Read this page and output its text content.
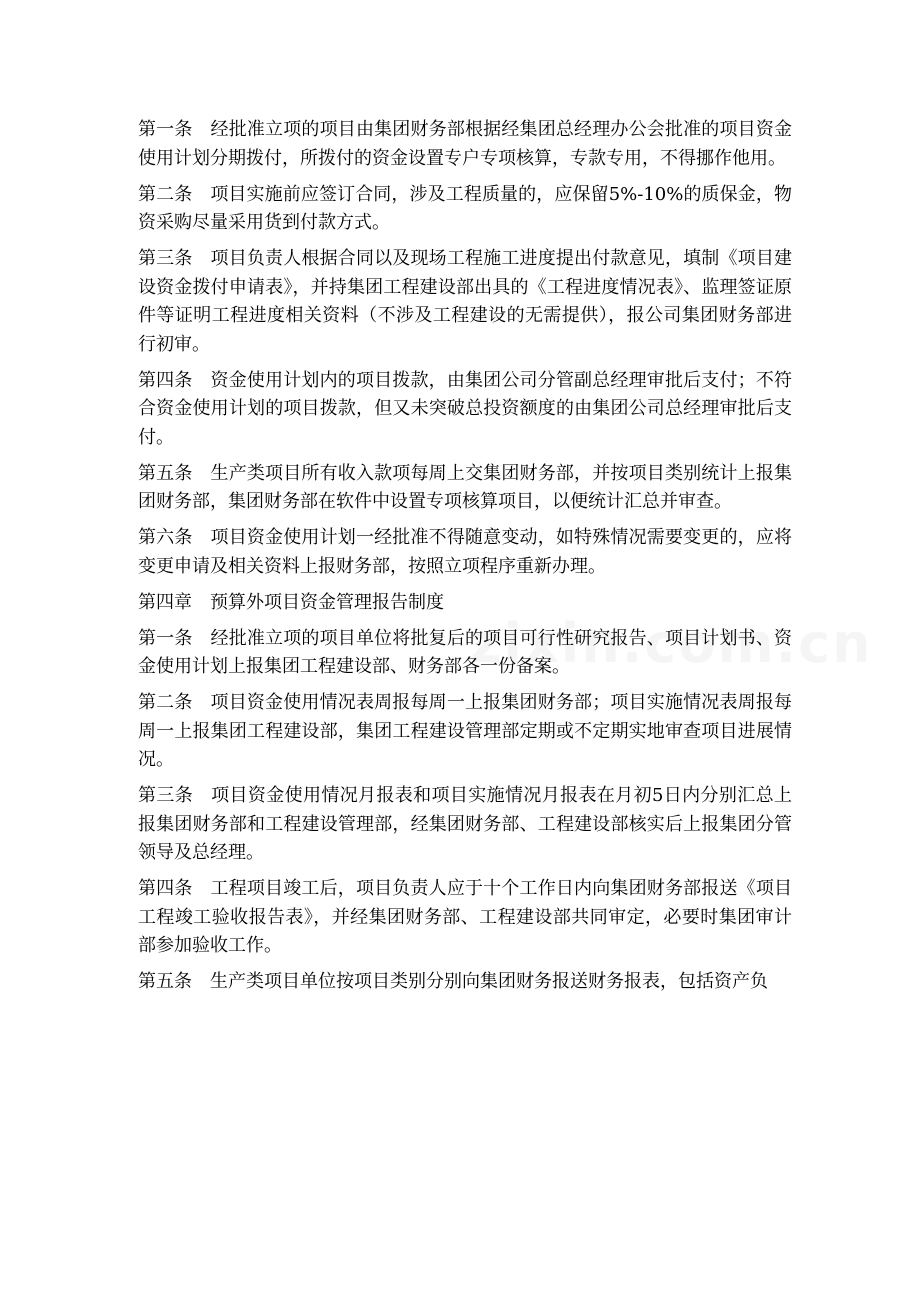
第一条 经批准立项的项目由集团财务部根据经集团总经理办公会批准的项目资金使用计划分期拨付，所拨付的资金设置专户专项核算，专款专用，不得挪作他用。

第二条 项目实施前应签订合同，涉及工程质量的，应保留5%-10%的质保金，物资采购尽量采用货到付款方式。

第三条 项目负责人根据合同以及现场工程施工进度提出付款意见，填制《项目建设资金拨付申请表》，并持集团工程建设部出具的《工程进度情况表》、监理签证原件等证明工程进度相关资料（不涉及工程建设的无需提供），报公司集团财务部进行初审。

第四条 资金使用计划内的项目拨款，由集团公司分管副总经理审批后支付；不符合资金使用计划的项目拨款，但又未突破总投资额度的由集团公司总经理审批后支付。

第五条 生产类项目所有收入款项每周上交集团财务部，并按项目类别统计上报集团财务部，集团财务部在软件中设置专项核算项目，以便统计汇总并审查。

第六条 项目资金使用计划一经批准不得随意变动，如特殊情况需要变更的，应将变更申请及相关资料上报财务部，按照立项程序重新办理。

第四章 预算外项目资金管理报告制度

第一条 经批准立项的项目单位将批复后的项目可行性研究报告、项目计划书、资金使用计划上报集团工程建设部、财务部各一份备案。

第二条 项目资金使用情况表周报每周一上报集团财务部；项目实施情况表周报每周一上报集团工程建设部，集团工程建设管理部定期或不定期实地审查项目进展情况。

第三条 项目资金使用情况月报表和项目实施情况月报表在月初5日内分别汇总上报集团财务部和工程建设管理部，经集团财务部、工程建设部核实后上报集团分管领导及总经理。

第四条 工程项目竣工后，项目负责人应于十个工作日内向集团财务部报送《项目工程竣工验收报告表》，并经集团财务部、工程建设部共同审定，必要时集团审计部参加验收工作。

第五条 生产类项目单位按项目类别分别向集团财务报送财务报表，包括资产负
